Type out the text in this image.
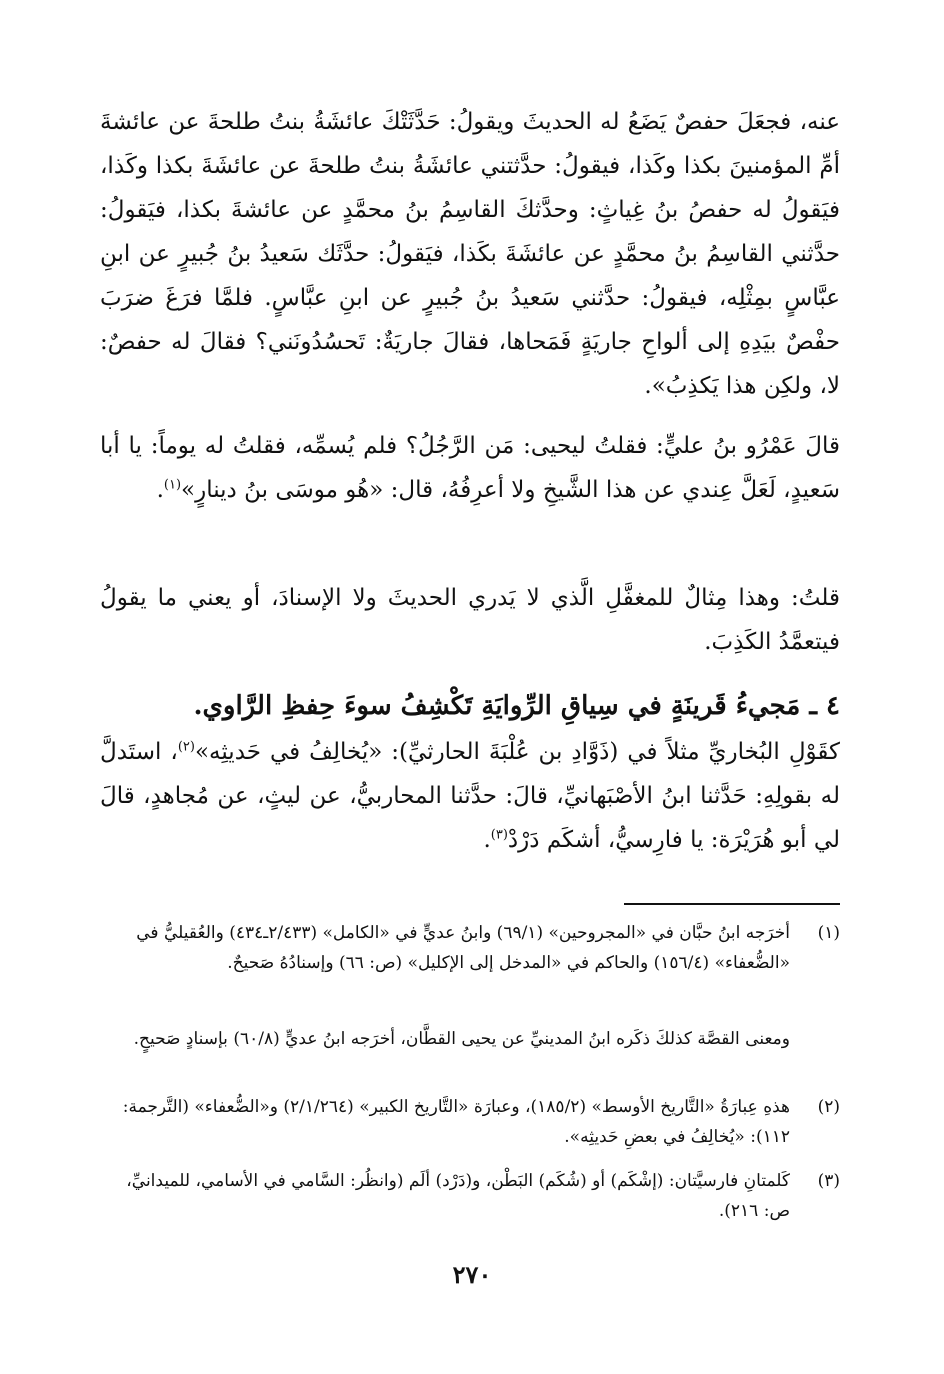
عنه، فجعَلَ حفصٌ يَضَعُ له الحديثَ ويقولُ: حَدَّثَتْكَ عائشَةُ بنتُ طلحةَ عن عائشةَ أمِّ المؤمنينَ بكذا وكَذا، فيقولُ: حدَّثتني عائشَةُ بنتُ طلحةَ عن عائشَةَ بكذا وكَذا، فيَقولُ له حفصُ بنُ غِياثٍ: وحدَّثكَ القاسِمُ بنُ محمَّدٍ عن عائشةَ بكذا، فيَقولُ: حدَّثني القاسِمُ بنُ محمَّدٍ عن عائشَةَ بكَذا، فيَقولُ: حدَّثَك سَعيدُ بنُ جُبيرٍ عن ابنِ عبَّاسٍ بمِثْلِه، فيقولُ: حدَّثني سَعيدُ بنُ جُبيرٍ عن ابنِ عبَّاسٍ. فلمَّا فرَغَ ضرَبَ حفْصٌ بيَدِهِ إلى ألواحِ جاريَةٍ فَمَحاها، فقالَ جاريَةٌ: تَحسُدُونَني؟ فقالَ له حفصٌ: لا، ولكِن هذا يَكذِبُ».
قالَ عَمْرُو بنُ عليٍّ: فقلتُ ليحيى: مَن الرَّجُلُ؟ فلم يُسمِّه، فقلتُ له يوماً: يا أبا سَعيدٍ، لَعَلَّ عِندي عن هذا الشَّيخِ ولا أعرِفُهُ، قال: «هُو موسَى بنُ دينارٍ»$^{(١)}$.
قلتُ: وهذا مِثالٌ للمغفَّلِ الَّذي لا يَدري الحديثَ ولا الإسنادَ، أو يعني ما يقولُ فيتعمَّدُ الكَذِبَ.
٤ ـ مَجيءُ قَرينَةٍ في سِياقِ الرِّوايَةِ تَكْشِفُ سوءَ حِفظِ الرَّاوي.
كقَوْلِ البُخاريِّ مثلاً في (ذَوَّادِ بن عُلْبَةَ الحارثيِّ): «يُخالِفُ في حَديثِه»$^{(٢)}$، استَدلَّ له بقولِهِ: حَدَّثنا ابنُ الأصْبَهانيِّ، قالَ: حدَّثنا المحاربيُّ، عن ليثٍ، عن مُجاهدٍ، قالَ لي أبو هُرَيْرَة: يا فارِسيُّ، أشكَم دَرْدْ$^{(٣)}$.
(١)
أخرَجه ابنُ حبَّان في «المجروحين» (٦٩/١) وابنُ عديٍّ في «الكامل» (٢/٤٣٣ـ٤٣٤) والعُقيليُّ في «الضُّعفاء» (١٥٦/٤) والحاكم في «المدخل إلى الإكليل» (ص: ٦٦) وإسنادُهُ صَحيحٌ.
ومعنى القصَّة كذلكَ ذكَره ابنُ المدينيِّ عن يحيى القطَّان، أخرَجه ابنُ عديٍّ (٦٠/٨) بإسنادٍ صَحيحٍ.
(٢)
هذهِ عِبارَةُ «التَّاريخ الأوسط» (١٨٥/٢)، وعبارَة «التَّاريخ الكبير» (٢/١/٢٦٤) و«الضُّعفاء» (التَّرجمة: ١١٢): «يُخالِفُ في بعضِ حَديثِه».
(٣)
كَلمتانِ فارسيَّتان: (إشْكَم) أو (شُكَم) البَطْن، و(دَرْد) ألَم (وانظُر: السَّامي في الأسامي، للميدانيِّ، ص: ٢١٦).
٢٧٠
